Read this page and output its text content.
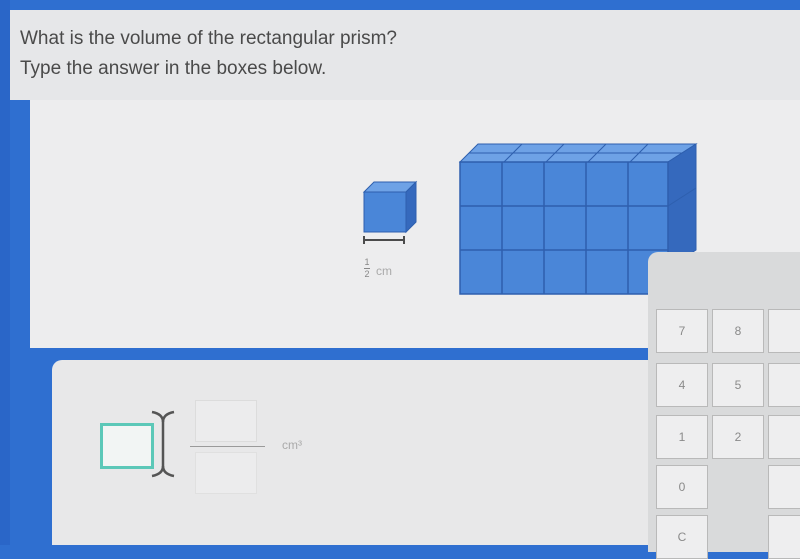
What is the volume of the rectangular prism?

Type the answer in the boxes below.

1
2 cm
cm³
7	8
4	5
1	2
0
C
